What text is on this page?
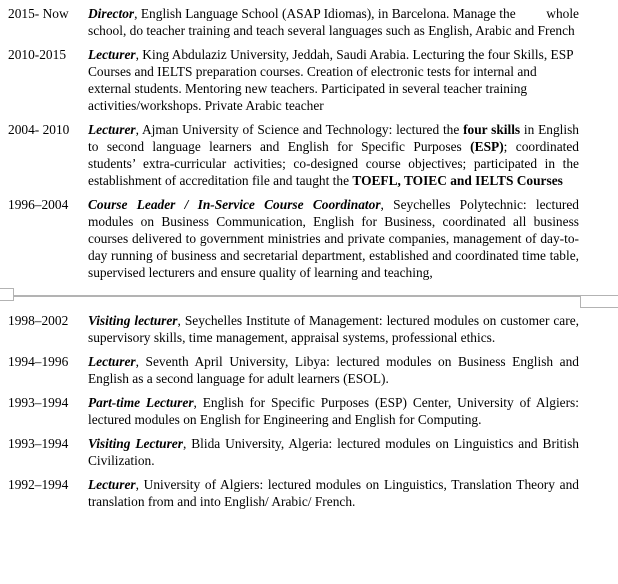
2015- Now	Director, English Language School (ASAP Idiomas), in Barcelona. Manage the         whole school, do teacher training and teach several languages such as English, Arabic and French
2010-2015	Lecturer, King Abdulaziz University, Jeddah, Saudi Arabia. Lecturing the four Skills, ESP Courses and IELTS preparation courses. Creation of electronic tests for internal and external students. Mentoring new teachers. Participated in several teacher training activities/workshops. Private Arabic teacher
2004- 2010	Lecturer, Ajman University of Science and Technology: lectured the four skills in English to second language learners and English for Specific Purposes (ESP); coordinated students’ extra-curricular activities; co-designed course objectives; participated in the establishment of accreditation file and taught the TOEFL, TOIEC and IELTS Courses
1996–2004	Course Leader / In-Service Course Coordinator, Seychelles Polytechnic: lectured modules on Business Communication, English for Business, coordinated all business courses delivered to government ministries and private companies, management of day-to-day running of business and secretarial department, established and coordinated time table, supervised lecturers and ensure quality of learning and teaching,
1998–2002	Visiting lecturer, Seychelles Institute of Management: lectured modules on customer care, supervisory skills, time management, appraisal systems, professional ethics.
1994–1996	Lecturer, Seventh April University, Libya: lectured modules on Business English and English as a second language for adult learners (ESOL).
1993–1994	Part-time Lecturer, English for Specific Purposes (ESP) Center, University of Algiers: lectured modules on English for Engineering and English for Computing.
1993–1994	Visiting Lecturer, Blida University, Algeria: lectured modules on Linguistics and British Civilization.
1992–1994	Lecturer, University of Algiers: lectured modules on Linguistics, Translation Theory and translation from and into English/ Arabic/ French.
